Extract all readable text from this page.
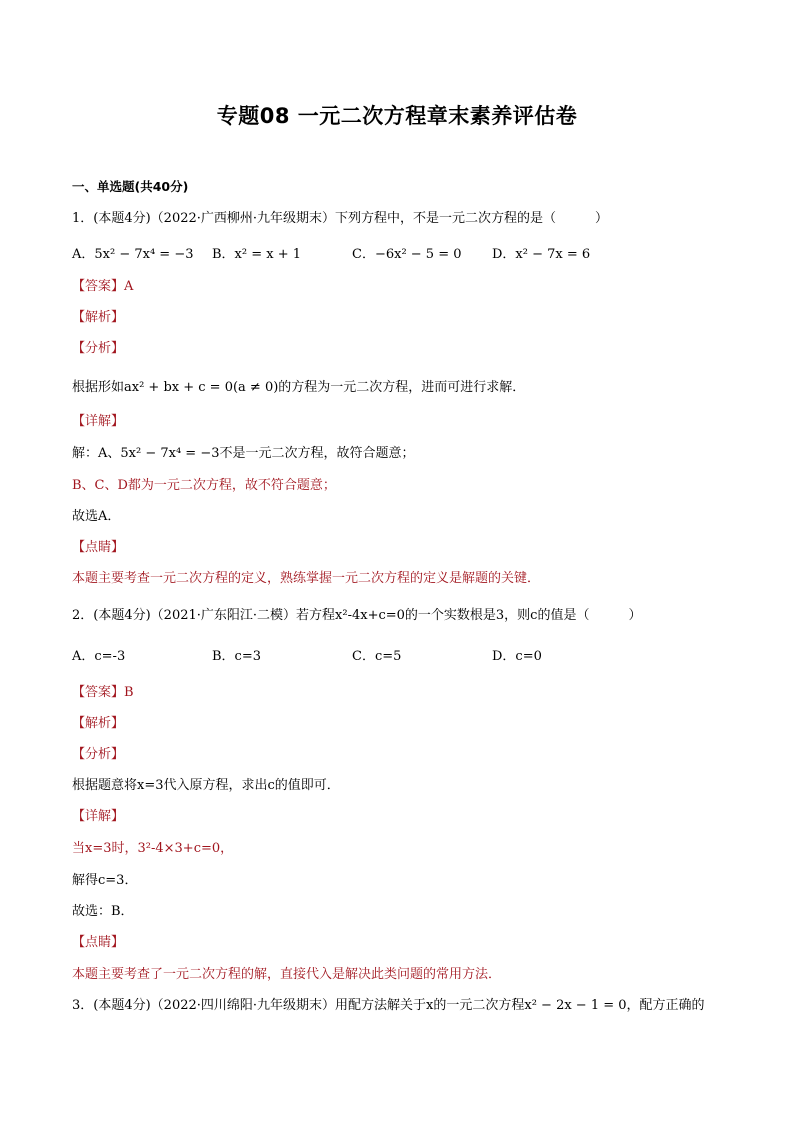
专题08 一元二次方程章末素养评估卷
一、单选题(共40分)
1．(本题4分)（2022·广西柳州·九年级期末）下列方程中，不是一元二次方程的是（　　　）
A．5x² − 7x⁴ = −3	B．x² = x + 1	C．−6x² − 5 = 0	D．x² − 7x = 6
【答案】A
【解析】
【分析】
根据形如ax² + bx + c = 0(a ≠ 0)的方程为一元二次方程，进而可进行求解．
【详解】
解：A、5x² − 7x⁴ = −3不是一元二次方程，故符合题意；
B、C、D都为一元二次方程，故不符合题意；
故选A．
【点睛】
本题主要考查一元二次方程的定义，熟练掌握一元二次方程的定义是解题的关键．
2．(本题4分)（2021·广东阳江·二模）若方程x²-4x+c=0的一个实数根是3，则c的值是（　　　）
A．c=-3	B．c=3	C．c=5	D．c=0
【答案】B
【解析】
【分析】
根据题意将x=3代入原方程，求出c的值即可．
【详解】
当x=3时，3²-4×3+c=0，
解得c=3．
故选：B．
【点睛】
本题主要考查了一元二次方程的解，直接代入是解决此类问题的常用方法．
3．(本题4分)（2022·四川绵阳·九年级期末）用配方法解关于x的一元二次方程x² − 2x − 1 = 0，配方正确的
